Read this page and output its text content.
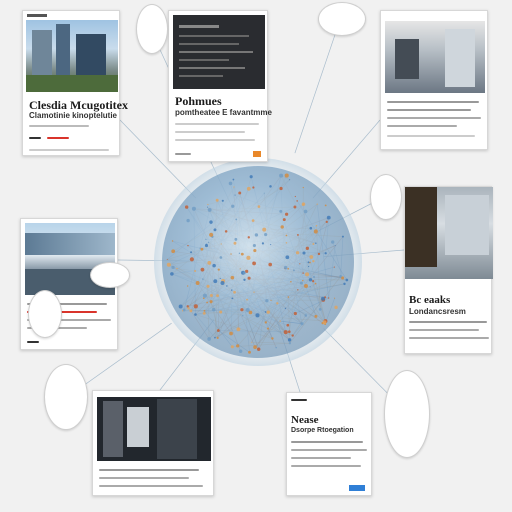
Clesdia Mcugotitex
Clamotinie kinoptelutie
Pohmues
pomtheatee E favantmme
Bc eaaks
Londancsresm
Nease
Dsorpe Rtoegation
